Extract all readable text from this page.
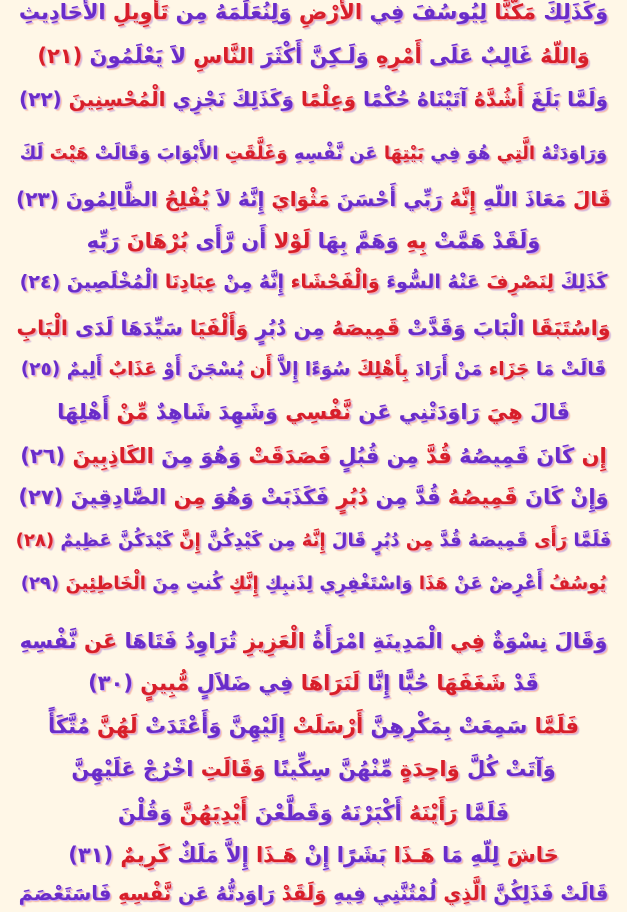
وَكَذَلِكَ مَكَّنَّا لِيُوسُفَ فِي الأَرْضِ وَلِنُعَلِّمَهُ مِن تَأْوِيلِ الأَحَادِيثِ
وَاللّهُ غَالِبٌ عَلَى أَمْرِهِ وَلَـكِنَّ أَكْثَرَ النَّاسِ لاَ يَعْلَمُونَ (٢١)
وَلَمَّا بَلَغَ أَشُدَّهُ آتَيْنَاهُ حُكْمًا وَعِلْمًا وَكَذَلِكَ نَجْزِي الْمُحْسِنِينَ (٢٢)
وَرَاوَدَتْهُ الَّتِي هُوَ فِي بَيْتِهَا عَن نَّفْسِهِ وَغَلَّقَتِ الأَبْوَابَ وَقَالَتْ هَيْتَ لَكَ
قَالَ مَعَاذَ اللّهِ إِنَّهُ رَبِّي أَحْسَنَ مَثْوَايَ إِنَّهُ لاَ يُفْلِحُ الظَّالِمُونَ (٢٣)
وَلَقَدْ هَمَّتْ بِهِ وَهَمَّ بِهَا لَوْلا أَن رَّأَى بُرْهَانَ رَبِّهِ
كَذَلِكَ لِنَصْرِفَ عَنْهُ السُّوءَ وَالْفَحْشَاء إِنَّهُ مِنْ عِبَادِنَا الْمُخْلَصِينَ (٢٤)
وَاسُتَبَقَا الْبَابَ وَقَدَّتْ قَمِيصَهُ مِن دُبُرٍ وَأَلْفَيَا سَيِّدَهَا لَدَى الْبَابِ
قَالَتْ مَا جَزَاء مَنْ أَرَادَ بِأَهْلِكَ سُوَءًا إِلاَّ أَن يُسْجَنَ أَوْ عَذَابٌ أَلِيمٌ (٢٥)
قَالَ هِيَ رَاوَدَتْنِي عَن نَّفْسِي وَشَهِدَ شَاهِدٌ مِّنْ أَهْلِهَا
إِن كَانَ قَمِيصُهُ قُدَّ مِن قُبُلٍ فَصَدَقَتْ وَهُوَ مِنَ الكَاذِبِينَ (٢٦)
وَإِنْ كَانَ قَمِيصُهُ قُدَّ مِن دُبُرٍ فَكَذَبَتْ وَهُوَ مِن الصَّادِقِينَ (٢٧)
فَلَمَّا رَأَى قَمِيصَهُ قُدَّ مِن دُبُرٍ قَالَ إِنَّهُ مِن كَيْدِكُنَّ إِنَّ كَيْدَكُنَّ عَظِيمٌ (٢٨)
يُوسُفُ أَعْرِضْ عَنْ هَذَا وَاسْتَغْفِرِي لِذَنبِكِ إِنَّكِ كُنتِ مِنَ الْخَاطِئِينَ (٢٩)
وَقَالَ نِسْوَةٌ فِي الْمَدِينَةِ امْرَأَةُ الْعَزِيزِ تُرَاوِدُ فَتَاهَا عَن نَّفْسِهِ
قَدْ شَغَفَهَا حُبًّا إِنَّا لَنَرَاهَا فِي ضَلاَلٍ مُّبِينٍ (٣٠)
فَلَمَّا سَمِعَتْ بِمَكْرِهِنَّ أَرْسَلَتْ إِلَيْهِنَّ وَأَعْتَدَتْ لَهُنَّ مُتَّكَأً
وَآتَتْ كُلَّ وَاحِدَةٍ مِّنْهُنَّ سِكِّينًا وَقَالَتِ اخْرُجْ عَلَيْهِنَّ
فَلَمَّا رَأَيْنَهُ أَكْبَرْنَهُ وَقَطَّعْنَ أَيْدِيَهُنَّ وَقُلْنَ
حَاشَ لِلّهِ مَا هَـذَا بَشَرًا إِنْ هَـذَا إِلاَّ مَلَكٌ كَرِيمٌ (٣١)
قَالَتْ فَذَلِكُنَّ الَّذِي لُمْتُنَّنِي فِيهِ وَلَقَدْ رَاوَدتُّهُ عَن نَّفْسِهِ فَاسَتَعْصَمَ
